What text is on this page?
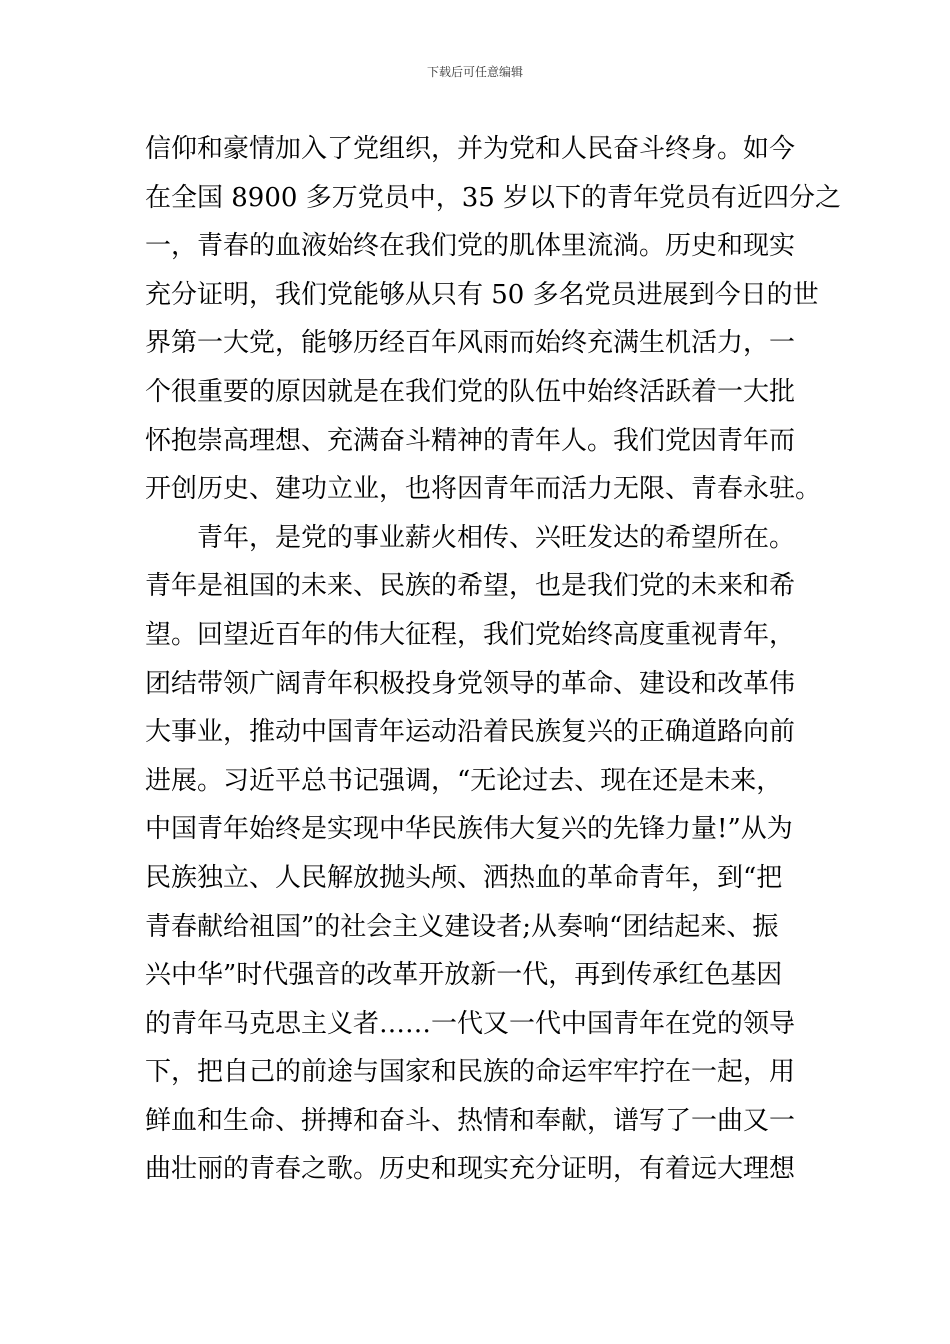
下载后可任意编辑
信仰和豪情加入了党组织，并为党和人民奋斗终身。如今
在全国 8900 多万党员中，35 岁以下的青年党员有近四分之
一，青春的血液始终在我们党的肌体里流淌。历史和现实
充分证明，我们党能够从只有 50 多名党员进展到今日的世
界第一大党，能够历经百年风雨而始终充满生机活力，一
个很重要的原因就是在我们党的队伍中始终活跃着一大批
怀抱崇高理想、充满奋斗精神的青年人。我们党因青年而
开创历史、建功立业，也将因青年而活力无限、青春永驻。
青年，是党的事业薪火相传、兴旺发达的希望所在。
青年是祖国的未来、民族的希望，也是我们党的未来和希
望。回望近百年的伟大征程，我们党始终高度重视青年，
团结带领广阔青年积极投身党领导的革命、建设和改革伟
大事业，推动中国青年运动沿着民族复兴的正确道路向前
进展。习近平总书记强调，“无论过去、现在还是未来，
中国青年始终是实现中华民族伟大复兴的先锋力量!”从为
民族独立、人民解放抛头颅、洒热血的革命青年，到“把
青春献给祖国”的社会主义建设者;从奏响“团结起来、振
兴中华”时代强音的改革开放新一代，再到传承红色基因
的青年马克思主义者……一代又一代中国青年在党的领导
下，把自己的前途与国家和民族的命运牢牢拧在一起，用
鲜血和生命、拼搏和奋斗、热情和奉献，谱写了一曲又一
曲壮丽的青春之歌。历史和现实充分证明，有着远大理想
